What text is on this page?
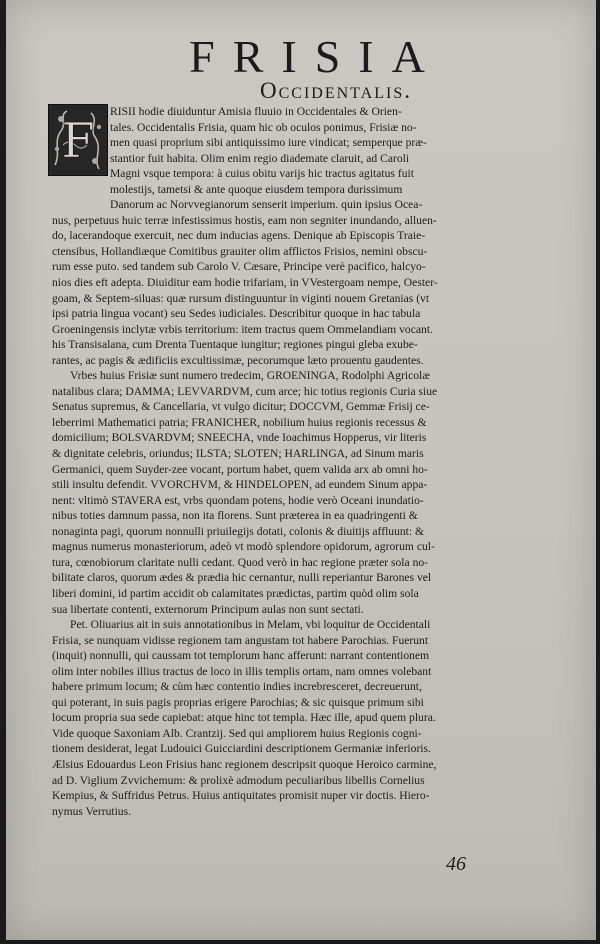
FRISIA
Occidentalis.
F
RISII hodie diuiduntur Amisia fluuio in Occidentales & Orien-
tales. Occidentalis Frisia, quam hic ob oculos ponimus, Frisiæ no-
men quasi proprium sibi antiquissimo iure vindicat; semperque præ-
stantior fuit habita. Olim enim regio diademate claruit, ad Caroli
Magni vsque tempora: à cuius obitu varijs hic tractus agitatus fuit
molestijs, tametsi & ante quoque eiusdem tempora durissimum
Danorum ac Norvvegianorum senserit imperium. quin ipsius Ocea-
nus, perpetuus huic terræ infestissimus hostis, eam non segniter inundando, alluen-
do, lacerandoque exercuit, nec dum inducias agens. Denique ab Episcopis Traie-
ctensibus, Hollandiæque Comitibus grauiter olim afflictos Frisios, nemini obscu-
rum esse puto. sed tandem sub Carolo V. Cæsare, Principe verè pacifico, halcyo-
nios dies eft adepta. Diuiditur eam hodie trifariam, in VVestergoam nempe, Oester-
goam, & Septem-siluas: quæ rursum distinguuntur in viginti nouem Gretanias (vt
ipsi patria lingua vocant) seu Sedes iudiciales. Describitur quoque in hac tabula
Groeningensis inclytæ vrbis territorium: item tractus quem Ommelandiam vocant.
his Transisalana, cum Drenta Tuentaque iungitur; regiones pingui gleba exube-
rantes, ac pagis & ædificiis excultissimæ, pecorumque læto prouentu gaudentes.
Vrbes huius Frisiæ sunt numero tredecim, GROENINGA, Rodolphi Agricolæ
natalibus clara; DAMMA; LEVVARDVM, cum arce; hic totius regionis Curia siue
Senatus supremus, & Cancellaria, vt vulgo dicitur; DOCCVM, Gemmæ Frisij ce-
leberrimi Mathematici patria; FRANICHER, nobilium huius regionis recessus &
domicilium; BOLSVARDVM; SNEECHA, vnde Ioachimus Hopperus, vir literis
& dignitate celebris, oriundus; ILSTA; SLOTEN; HARLINGA, ad Sinum maris
Germanici, quem Suyder-zee vocant, portum habet, quem valida arx ab omni ho-
stili insultu defendit. VVORCHVM, & HINDELOPEN, ad eundem Sinum appa-
nent: vltimò STAVERA est, vrbs quondam potens, hodie verò Oceani inundatio-
nibus toties damnum passa, non ita florens. Sunt præterea in ea quadringenti &
nonaginta pagi, quorum nonnulli priuilegijs dotati, colonis & diuitijs affluunt: &
magnus numerus monasteriorum, adeò vt modò splendore opidorum, agrorum cul-
tura, cœnobiorum claritate nulli cedant. Quod verò in hac regione præter sola no-
bilitate claros, quorum ædes & prædia hic cernantur, nulli reperiantur Barones vel
liberi domini, id partim accidit ob calamitates prædictas, partim quòd olim sola
sua libertate contenti, externorum Principum aulas non sunt sectati.
Pet. Oliuarius ait in suis annotationibus in Melam, vbi loquitur de Occidentali
Frisia, se nunquam vidisse regionem tam angustam tot habere Parochias. Fuerunt
(inquit) nonnulli, qui caussam tot templorum hanc afferunt: narrant contentionem
olim inter nobiles illius tractus de loco in illis templis ortam, nam omnes volebant
habere primum locum; & cùm hæc contentio indies increbresceret, decreuerunt,
qui poterant, in suis pagis proprias erigere Parochias; & sic quisque primum sibi
locum propria sua sede capiebat: atque hinc tot templa. Hæc ille, apud quem plura.
Vide quoque Saxoniam Alb. Crantzij. Sed qui ampliorem huius Regionis cogni-
tionem desiderat, legat Ludouici Guicciardini descriptionem Germaniæ inferioris.
Ælsius Edouardus Leon Frisius hanc regionem descripsit quoque Heroico carmine,
ad D. Viglium Zvvichemum: & prolixè admodum peculiaribus libellis Cornelius
Kempius, & Suffridus Petrus. Huius antiquitates promisit nuper vir doctis. Hiero-
nymus Verrutius.
46
